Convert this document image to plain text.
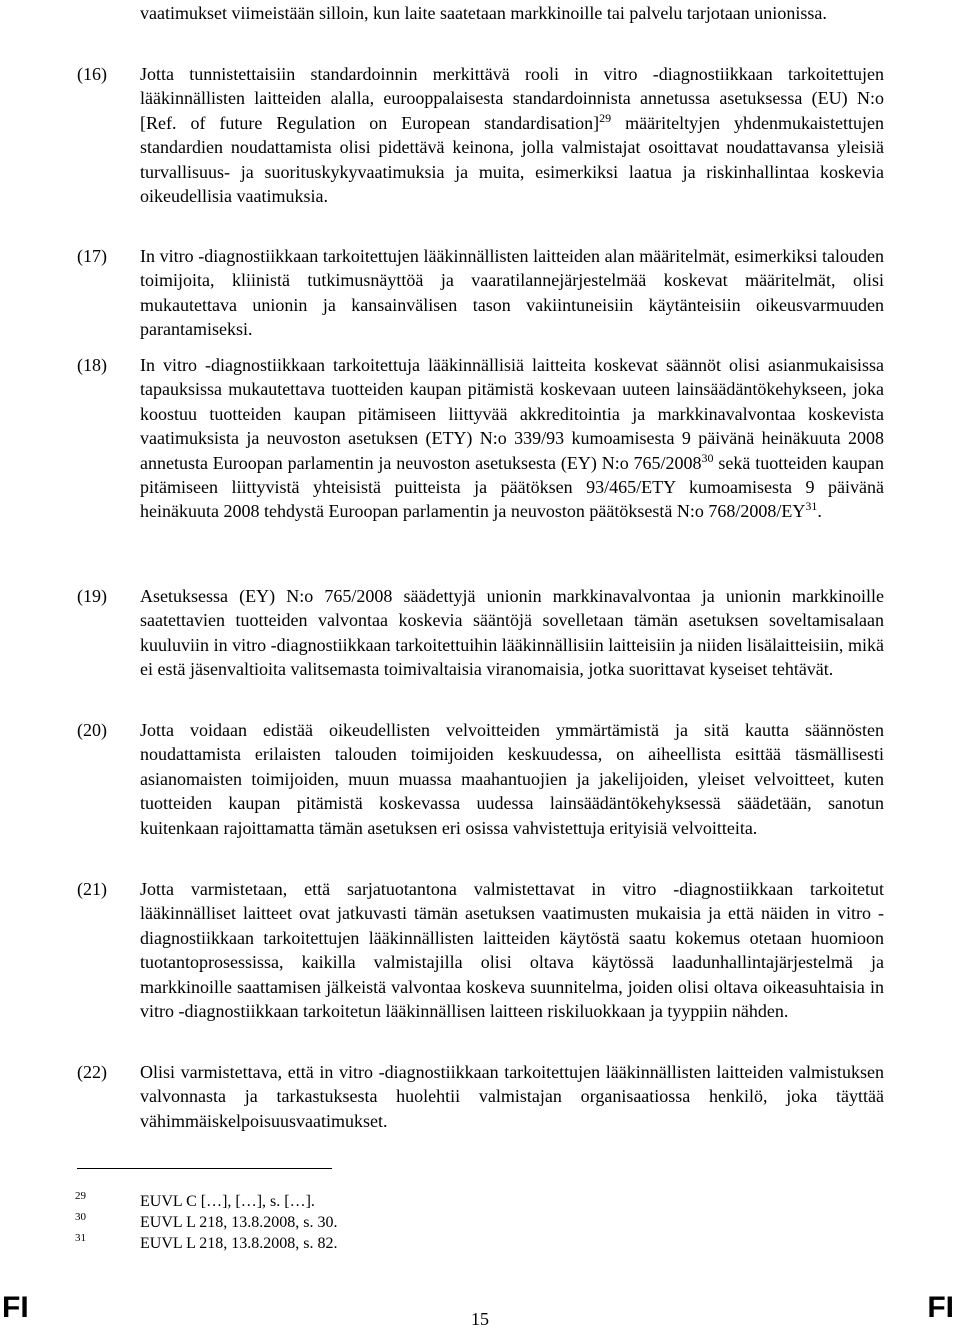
vaatimukset viimeistään silloin, kun laite saatetaan markkinoille tai palvelu tarjotaan unionissa.
(16) Jotta tunnistettaisiin standardoinnin merkittävä rooli in vitro -diagnostiikkaan tarkoitettujen lääkinnällisten laitteiden alalla, eurooppalaisesta standardoinnista annetussa asetuksessa (EU) N:o [Ref. of future Regulation on European standardisation]$^{29}$ määriteltyjen yhdenmukaistettujen standardien noudattamista olisi pidettävä keinona, jolla valmistajat osoittavat noudattavansa yleisiä turvallisuus- ja suorituskykyvaatimuksia ja muita, esimerkiksi laatua ja riskinhallintaa koskevia oikeudellisia vaatimuksia.
(17) In vitro -diagnostiikkaan tarkoitettujen lääkinnällisten laitteiden alan määritelmät, esimerkiksi talouden toimijoita, kliinistä tutkimusnäyttöä ja vaaratilannejärjestelmää koskevat määritelmät, olisi mukautettava unionin ja kansainvälisen tason vakiintuneisiin käytänteisiin oikeusvarmuuden parantamiseksi.
(18) In vitro -diagnostiikkaan tarkoitettuja lääkinnällisiä laitteita koskevat säännöt olisi asianmukaisissa tapauksissa mukautettava tuotteiden kaupan pitämistä koskevaan uuteen lainsäädäntökehykseen, joka koostuu tuotteiden kaupan pitämiseen liittyvää akkreditointia ja markkinavalvontaa koskevista vaatimuksista ja neuvoston asetuksen (ETY) N:o 339/93 kumoamisesta 9 päivänä heinäkuuta 2008 annetusta Euroopan parlamentin ja neuvoston asetuksesta (EY) N:o 765/2008$^{30}$ sekä tuotteiden kaupan pitämiseen liittyvistä yhteisistä puitteista ja päätöksen 93/465/ETY kumoamisesta 9 päivänä heinäkuuta 2008 tehdystä Euroopan parlamentin ja neuvoston päätöksestä N:o 768/2008/EY$^{31}$.
(19) Asetuksessa (EY) N:o 765/2008 säädettyjä unionin markkinavalvontaa ja unionin markkinoille saatettavien tuotteiden valvontaa koskevia sääntöjä sovelletaan tämän asetuksen soveltamisalaan kuuluviin in vitro -diagnostiikkaan tarkoitettuihin lääkinnällisiin laitteisiin ja niiden lisälaitteisiin, mikä ei estä jäsenvaltioita valitsemasta toimivaltaisia viranomaisia, jotka suorittavat kyseiset tehtävät.
(20) Jotta voidaan edistää oikeudellisten velvoitteiden ymmärtämistä ja sitä kautta säännösten noudattamista erilaisten talouden toimijoiden keskuudessa, on aiheellista esittää täsmällisesti asianomaisten toimijoiden, muun muassa maahantuojien ja jakelijoiden, yleiset velvoitteet, kuten tuotteiden kaupan pitämistä koskevassa uudessa lainsäädäntökehyksessä säädetään, sanotun kuitenkaan rajoittamatta tämän asetuksen eri osissa vahvistettuja erityisiä velvoitteita.
(21) Jotta varmistetaan, että sarjatuotantona valmistettavat in vitro -diagnostiikkaan tarkoitetut lääkinnälliset laitteet ovat jatkuvasti tämän asetuksen vaatimusten mukaisia ja että näiden in vitro -diagnostiikkaan tarkoitettujen lääkinnällisten laitteiden käytöstä saatu kokemus otetaan huomioon tuotantoprosessissa, kaikilla valmistajilla olisi oltava käytössä laadunhallintajärjestelmä ja markkinoille saattamisen jälkeistä valvontaa koskeva suunnitelma, joiden olisi oltava oikeasuhtaisia in vitro -diagnostiikkaan tarkoitetun lääkinnällisen laitteen riskiluokkaan ja tyyppiin nähden.
(22) Olisi varmistettava, että in vitro -diagnostiikkaan tarkoitettujen lääkinnällisten laitteiden valmistuksen valvonnasta ja tarkastuksesta huolehtii valmistajan organisaatiossa henkilö, joka täyttää vähimmäiskelpoisuusvaatimukset.
29	EUVL C […], […], s. […].
30	EUVL L 218, 13.8.2008, s. 30.
31	EUVL L 218, 13.8.2008, s. 82.
FI	15	FI
